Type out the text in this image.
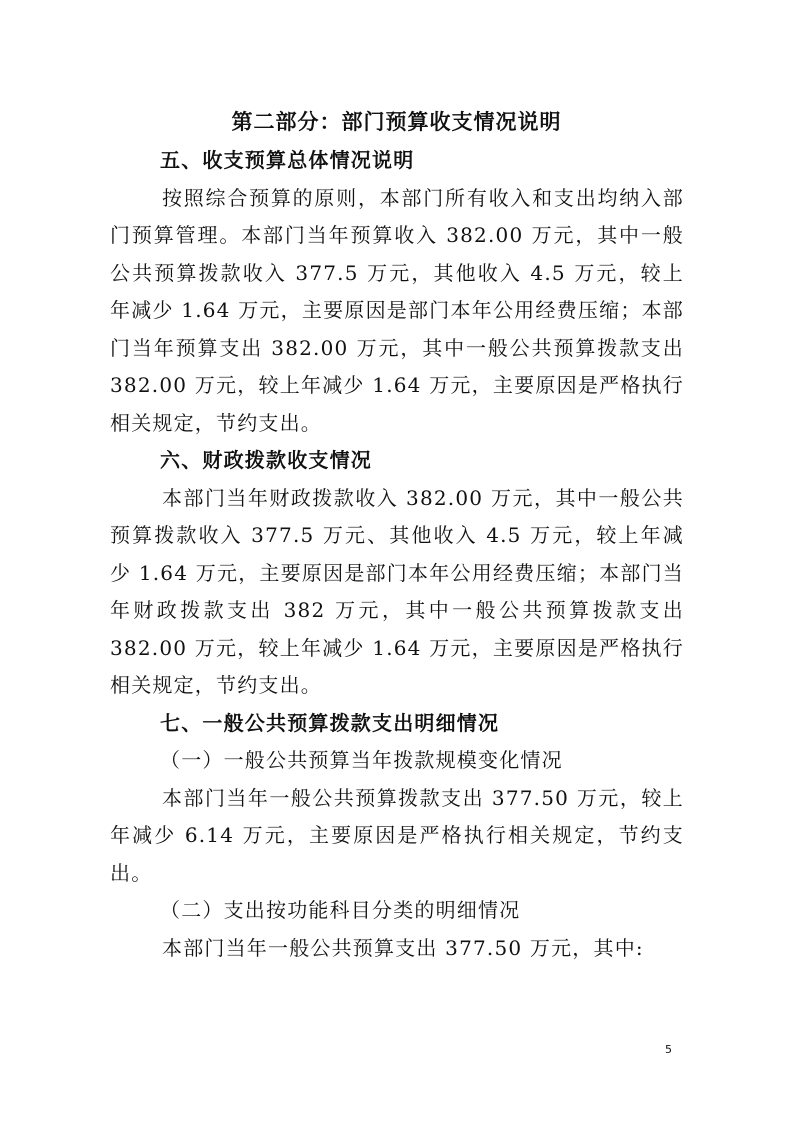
第二部分：部门预算收支情况说明

五、收支预算总体情况说明

按照综合预算的原则，本部门所有收入和支出均纳入部门预算管理。本部门当年预算收入 382.00 万元，其中一般公共预算拨款收入 377.5 万元，其他收入 4.5 万元，较上年减少 1.64 万元，主要原因是部门本年公用经费压缩；本部门当年预算支出 382.00 万元，其中一般公共预算拨款支出 382.00 万元，较上年减少 1.64 万元，主要原因是严格执行相关规定，节约支出。

六、财政拨款收支情况

本部门当年财政拨款收入 382.00 万元，其中一般公共预算拨款收入 377.5 万元、其他收入 4.5 万元，较上年减少 1.64 万元，主要原因是部门本年公用经费压缩；本部门当年财政拨款支出 382 万元，其中一般公共预算拨款支出 382.00 万元，较上年减少 1.64 万元，主要原因是严格执行相关规定，节约支出。

七、一般公共预算拨款支出明细情况

（一）一般公共预算当年拨款规模变化情况

本部门当年一般公共预算拨款支出 377.50 万元，较上年减少 6.14 万元，主要原因是严格执行相关规定，节约支出。

（二）支出按功能科目分类的明细情况

本部门当年一般公共预算支出 377.50 万元，其中:

5
